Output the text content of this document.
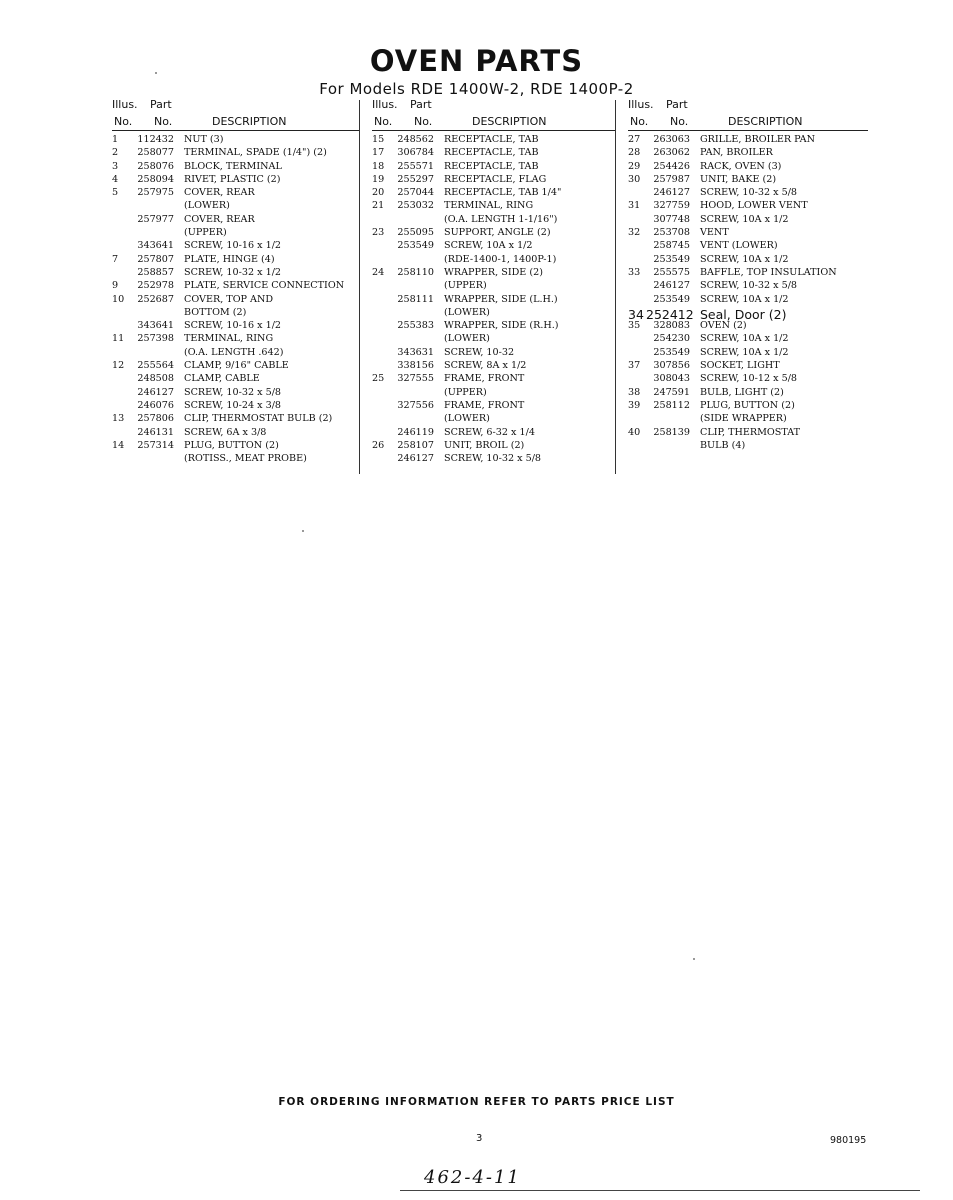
OVEN PARTS
For Models RDE 1400W-2, RDE 1400P-2
Illus. Part
No. No.	DESCRIPTION
1	112432 NUT (3)
2	258077 TERMINAL, SPADE (1/4") (2)
3	258076 BLOCK, TERMINAL
4	258094 RIVET, PLASTIC (2)
5	257975 COVER, REAR
(LOWER)
257977 COVER, REAR
(UPPER)
343641 SCREW, 10-16 x 1/2
7	257807 PLATE, HINGE (4)
258857 SCREW, 10-32 x 1/2
9	252978 PLATE, SERVICE CONNECTION
10	252687 COVER, TOP AND
BOTTOM (2)
343641 SCREW, 10-16 x 1/2
11	257398 TERMINAL, RING
(O.A. LENGTH .642)
12	255564 CLAMP, 9/16" CABLE
248508 CLAMP, CABLE
246127 SCREW, 10-32 x 5/8
246076 SCREW, 10-24 x 3/8
13	257806 CLIP, THERMOSTAT BULB (2)
246131 SCREW, 6A x 3/8
14	257314 PLUG, BUTTON (2)
(ROTISS., MEAT PROBE)
Illus. Part
No. No.	DESCRIPTION
15	248562 RECEPTACLE, TAB
17	306784 RECEPTACLE, TAB
18	255571 RECEPTACLE, TAB
19	255297 RECEPTACLE, FLAG
20	257044 RECEPTACLE, TAB 1/4"
21	253032 TERMINAL, RING
(O.A. LENGTH 1-1/16")
23	255095 SUPPORT, ANGLE (2)
253549 SCREW, 10A x 1/2
(RDE-1400-1, 1400P-1)
24	258110 WRAPPER, SIDE (2)
(UPPER)
258111 WRAPPER, SIDE (L.H.)
(LOWER)
255383 WRAPPER, SIDE (R.H.)
(LOWER)
343631 SCREW, 10-32
338156 SCREW, 8A x 1/2
25	327555 FRAME, FRONT
(UPPER)
327556 FRAME, FRONT
(LOWER)
246119 SCREW, 6-32 x 1/4
26	258107 UNIT, BROIL (2)
246127 SCREW, 10-32 x 5/8
Illus. Part
No. No.	DESCRIPTION
27	263063 GRILLE, BROILER PAN
28	263062 PAN, BROILER
29	254426 RACK, OVEN (3)
30	257987 UNIT, BAKE (2)
246127 SCREW, 10-32 x 5/8
31	327759 HOOD, LOWER VENT
307748 SCREW, 10A x 1/2
32	253708 VENT
258745 VENT (LOWER)
253549 SCREW, 10A x 1/2
33	255575 BAFFLE, TOP INSULATION
246127 SCREW, 10-32 x 5/8
253549 SCREW, 10A x 1/2
34 252412 Seal, Door (2)
35	328083 OVEN (2)
254230 SCREW, 10A x 1/2
253549 SCREW, 10A x 1/2
37	307856 SOCKET, LIGHT
308043 SCREW, 10-12 x 5/8
38	247591 BULB, LIGHT (2)
39	258112 PLUG, BUTTON (2)
(SIDE WRAPPER)
40	258139 CLIP, THERMOSTAT
BULB (4)
FOR ORDERING INFORMATION REFER TO PARTS PRICE LIST
3	980195
462-4-11
